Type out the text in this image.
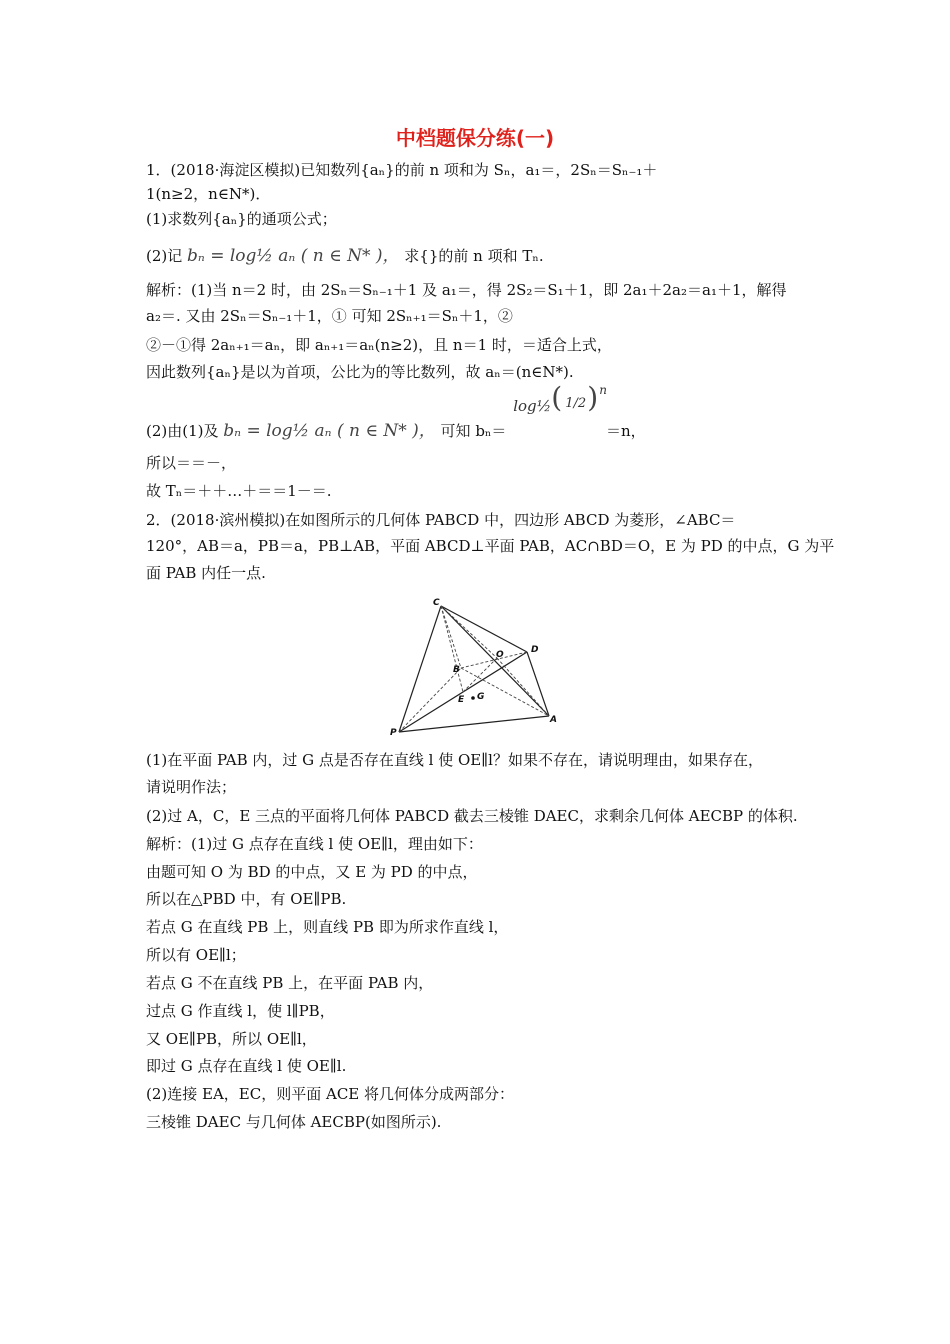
中档题保分练(一)
1．(2018·海淀区模拟)已知数列{aₙ}的前 n 项和为 Sₙ，a₁＝，2Sₙ＝Sₙ₋₁＋
1(n≥2，n∈N*)．
(1)求数列{aₙ}的通项公式；
解析：(1)当 n＝2 时，由 2Sₙ＝Sₙ₋₁＋1 及 a₁＝，得 2S₂＝S₁＋1，即 2a₁＋2a₂＝a₁＋1，解得
a₂＝. 又由 2Sₙ＝Sₙ₋₁＋1，① 可知 2Sₙ₊₁＝Sₙ＋1，②
②－①得 2aₙ₊₁＝aₙ，即 aₙ₊₁＝aₙ(n≥2)，且 n＝1 时，＝适合上式，
因此数列{aₙ}是以为首项，公比为的等比数列，故 aₙ＝(n∈N*).
所以＝＝－，
故 Tₙ＝＋＋…＋＝＝1－＝.
2．(2018·滨州模拟)在如图所示的几何体 PABCD 中，四边形 ABCD 为菱形，∠ABC＝
120°，AB＝a，PB＝a，PB⊥AB，平面 ABCD⊥平面 PAB，AC∩BD＝O，E 为 PD 的中点，G 为平
面 PAB 内任一点.
(1)在平面 PAB 内，过 G 点是否存在直线 l 使 OE∥l？如果不存在，请说明理由，如果存在，
请说明作法；
(2)过 A，C，E 三点的平面将几何体 PABCD 截去三棱锥 DAEC，求剩余几何体 AECBP 的体积.
解析：(1)过 G 点存在直线 l 使 OE∥l，理由如下：
由题可知 O 为 BD 的中点，又 E 为 PD 的中点，
所以在△PBD 中，有 OE∥PB.
若点 G 在直线 PB 上，则直线 PB 即为所求作直线 l，
所以有 OE∥l；
若点 G 不在直线 PB 上，在平面 PAB 内，
过点 G 作直线 l，使 l∥PB，
又 OE∥PB，所以 OE∥l，
即过 G 点存在直线 l 使 OE∥l.
(2)连接 EA，EC，则平面 ACE 将几何体分成两部分：
三棱锥 DAEC 与几何体 AECBP(如图所示).
(2)记 bₙ = log½ aₙ ( n ∈ N* )， 求{}的前 n 项和 Tₙ.
(2)由(1)及 bₙ = log½ aₙ ( n ∈ N* )， 可知 bₙ＝
log½ ( 1/2 ) n
＝n，
C
D
B
O
E G
P
A
